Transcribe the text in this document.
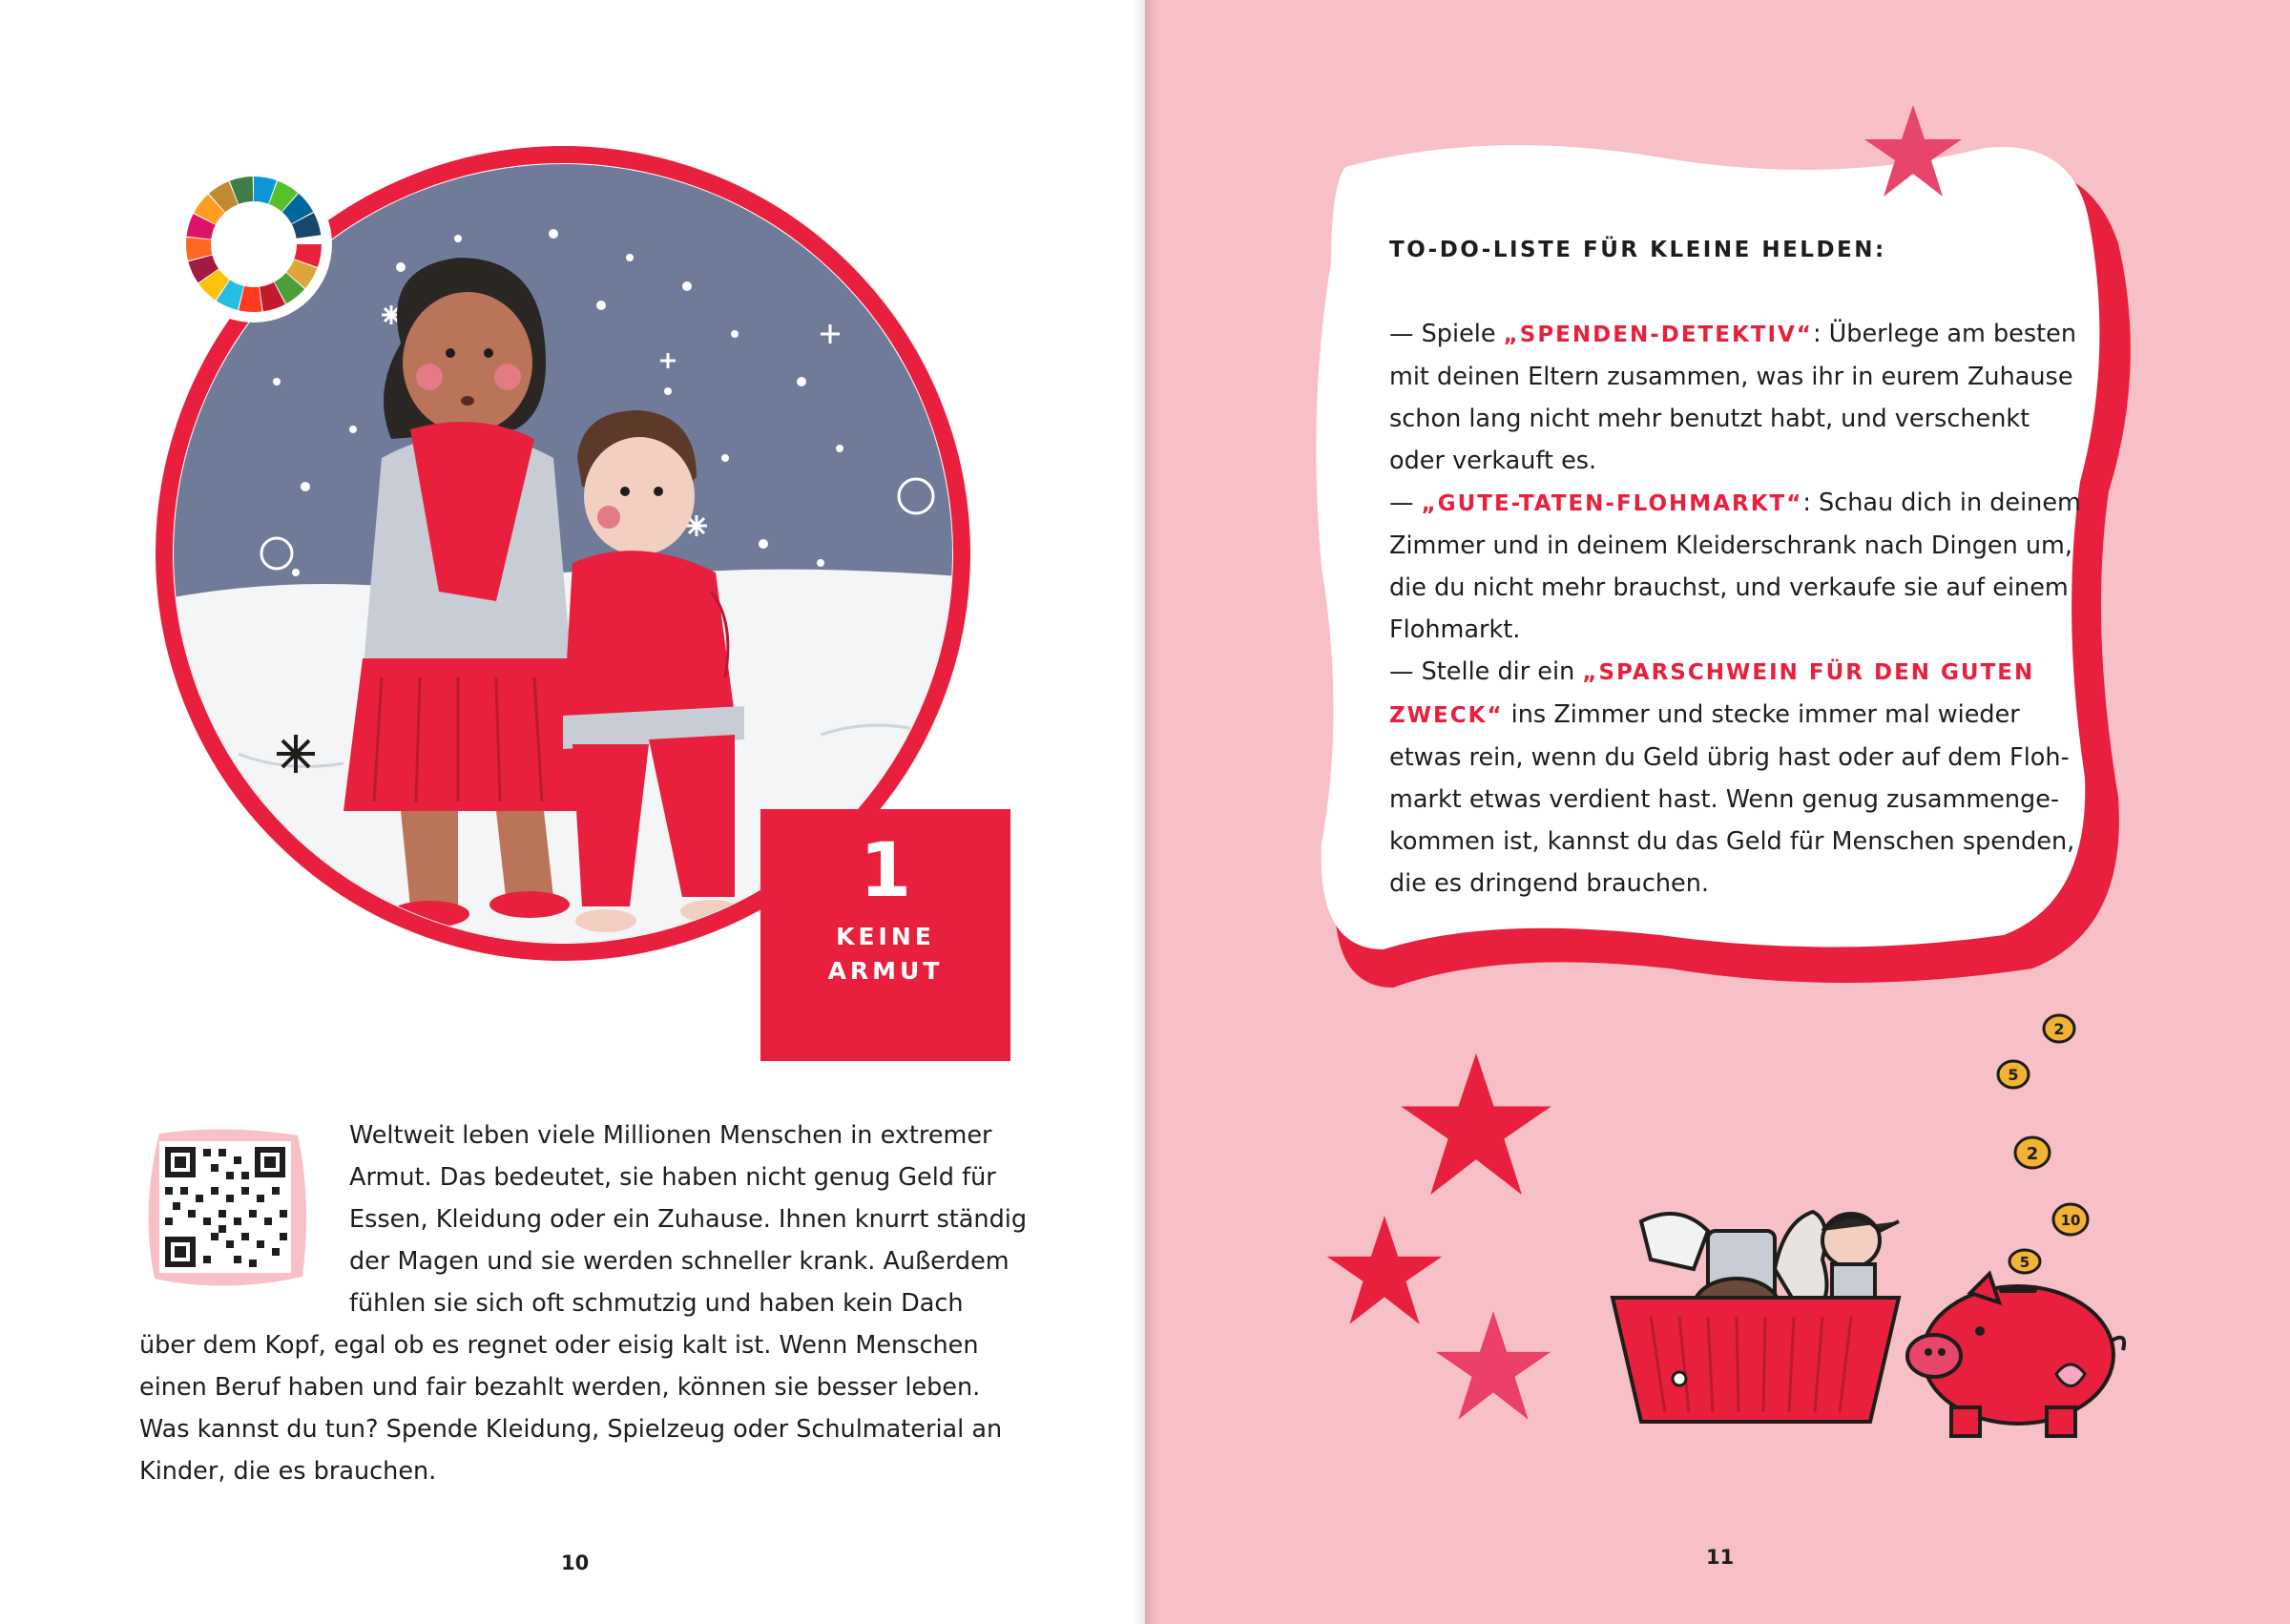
1
KEINE ARMUT
Weltweit leben viele Millionen Menschen in extremer
Armut. Das bedeutet, sie haben nicht genug Geld für
Essen, Kleidung oder ein Zuhause. Ihnen knurrt ständig
der Magen und sie werden schneller krank. Außerdem
fühlen sie sich oft schmutzig und haben kein Dach
über dem Kopf, egal ob es regnet oder eisig kalt ist. Wenn Menschen
einen Beruf haben und fair bezahlt werden, können sie besser leben.
Was kannst du tun? Spende Kleidung, Spielzeug oder Schulmaterial an
Kinder, die es brauchen.
10
TO-DO-LISTE FÜR KLEINE HELDEN:
— Spiele „SPENDEN-DETEKTIV“: Überlege am besten
mit deinen Eltern zusammen, was ihr in eurem Zuhause
schon lang nicht mehr benutzt habt, und verschenkt
oder verkauft es.
— „GUTE-TATEN-FLOHMARKT“: Schau dich in deinem
Zimmer und in deinem Kleiderschrank nach Dingen um,
die du nicht mehr brauchst, und verkaufe sie auf einem
Flohmarkt.
— Stelle dir ein „SPARSCHWEIN FÜR DEN GUTEN
ZWECK“ ins Zimmer und stecke immer mal wieder
etwas rein, wenn du Geld übrig hast oder auf dem Floh-
markt etwas verdient hast. Wenn genug zusammenge-
kommen ist, kannst du das Geld für Menschen spenden,
die es dringend brauchen.
2
5
2
10
5
11
